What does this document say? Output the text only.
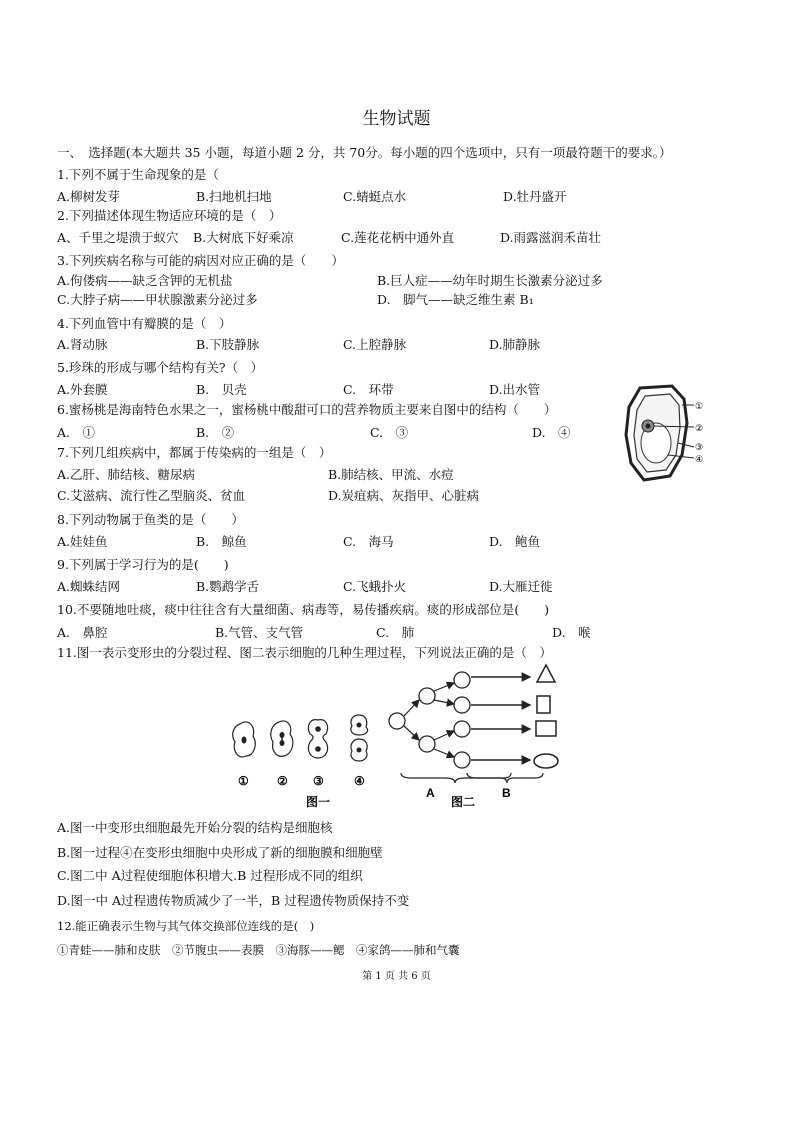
生物试题
一、　选择题(本大题共 35 小题，每道小题 2 分，共 70分。每小题的四个选项中，只有一项最符题干的要求。）
1.下列不属于生命现象的是（
A.柳树发芽	B.扫地机扫地	C.蜻蜓点水	D.牡丹盛开
2.下列描述体现生物适应环境的是（　）
A、千里之堤溃于蚁穴 B.大树底下好乘凉	C.莲花花柄中通外直	D.雨露滋润禾苗壮
3.下列疾病名称与可能的病因对应正确的是（　　）
A.佝偻病——缺乏含钾的无机盐	B.巨人症——幼年时期生长激素分泌过多
C.大脖子病——甲状腺激素分泌过多	D.　脚气——缺乏维生素 B₁
4.下列血管中有瓣膜的是（　）
A.肾动脉	B.下肢静脉	C.上腔静脉	D.肺静脉
5.珍珠的形成与哪个结构有关?（　）
A.外套膜	B.　贝壳	C.　环带	D.出水管
6.蜜杨桃是海南特色水果之一，蜜杨桃中酸甜可口的营养物质主要来自图中的结构（　　）
A.　①	B.　②	C.　③	D.　④
①
②
③
④
7.下列几组疾病中，都属于传染病的一组是（　）
A.乙肝、肺结核、糖尿病	B.肺结核、甲流、水痘
C.艾滋病、流行性乙型脑炎、贫血	D.炭疽病、灰指甲、心脏病
8.下列动物属于鱼类的是（　　）
A.娃娃鱼	B.　鲸鱼	C.　海马	D.　鲍鱼
9.下列属于学习行为的是(　　)
A.蜘蛛结网	B.鹦鹉学舌	C.飞蛾扑火	D.大雁迁徙
10.不要随地吐痰，痰中往往含有大量细菌、病毒等，易传播疾病。痰的形成部位是(　　)
A.　鼻腔	B.气管、支气管	C.　肺	D.　喉
11.图一表示变形虫的分裂过程、图二表示细胞的几种生理过程，下列说法正确的是（　）
① ② ③	④
图一
A
图二
B
A.图一中变形虫细胞最先开始分裂的结构是细胞核
B.图一过程④在变形虫细胞中央形成了新的细胞膜和细胞壁
C.图二中 A过程使细胞体积增大.B 过程形成不同的组织
D.图一中 A过程遗传物质减少了一半，B 过程遗传物质保持不变
12.能正确表示生物与其气体交换部位连线的是(　)
①青蛙——肺和皮肤　②节腹虫——表膜　③海豚——鳃　④家鸽——肺和气囊
第 1 页 共 6 页
